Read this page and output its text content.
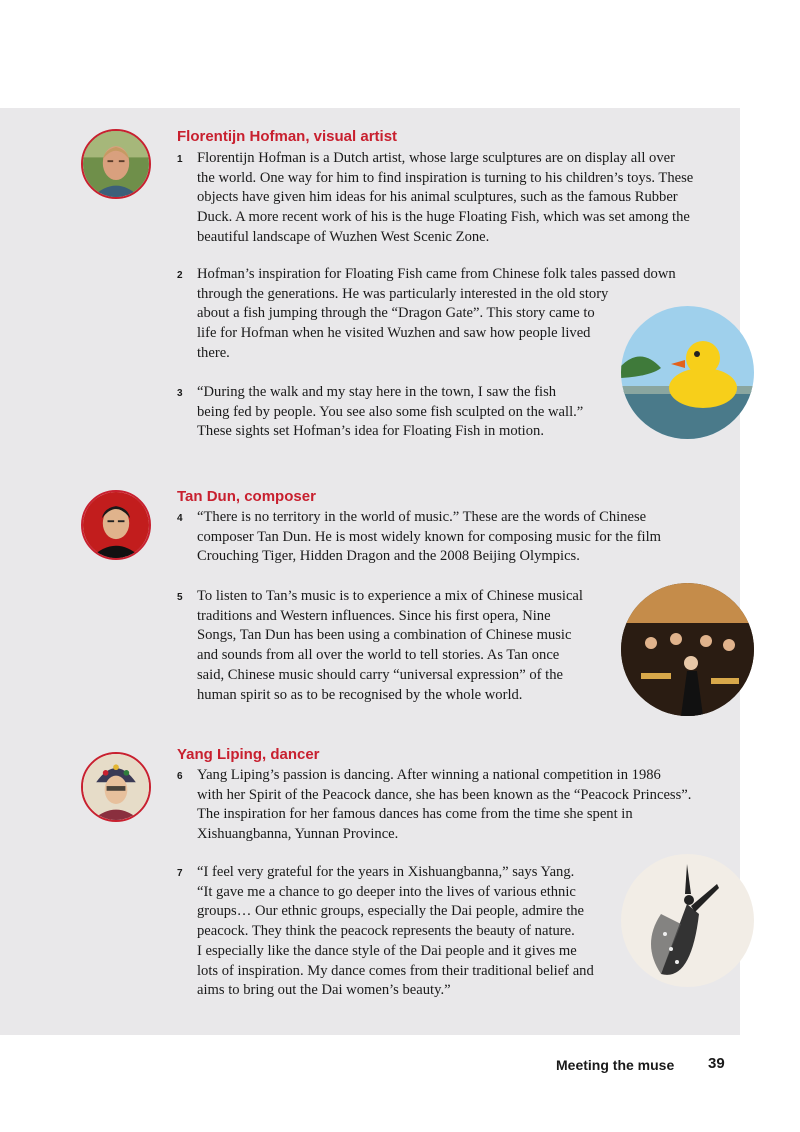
Florentijn Hofman, visual artist
1 Florentijn Hofman is a Dutch artist, whose large sculptures are on display all over
the world. One way for him to find inspiration is turning to his children’s toys. These
objects have given him ideas for his animal sculptures, such as the famous Rubber
Duck. A more recent work of his is the huge Floating Fish, which was set among the
beautiful landscape of Wuzhen West Scenic Zone.
2 Hofman’s inspiration for Floating Fish came from Chinese folk tales passed down
through the generations. He was particularly interested in the old story
about a fish jumping through the “Dragon Gate”. This story came to
life for Hofman when he visited Wuzhen and saw how people lived
there.
3 “During the walk and my stay here in the town, I saw the fish
being fed by people. You see also some fish sculpted on the wall.”
These sights set Hofman’s idea for Floating Fish in motion.
Tan Dun, composer
4 “There is no territory in the world of music.” These are the words of Chinese
composer Tan Dun. He is most widely known for composing music for the film
Crouching Tiger, Hidden Dragon and the 2008 Beijing Olympics.
5 To listen to Tan’s music is to experience a mix of Chinese musical
traditions and Western influences. Since his first opera, Nine
Songs, Tan Dun has been using a combination of Chinese music
and sounds from all over the world to tell stories. As Tan once
said, Chinese music should carry “universal expression” of the
human spirit so as to be recognised by the whole world.
Yang Liping, dancer
6 Yang Liping’s passion is dancing. After winning a national competition in 1986
with her Spirit of the Peacock dance, she has been known as the “Peacock Princess”.
The inspiration for her famous dances has come from the time she spent in
Xishuangbanna, Yunnan Province.
7 “I feel very grateful for the years in Xishuangbanna,” says Yang.
“It gave me a chance to go deeper into the lives of various ethnic
groups… Our ethnic groups, especially the Dai people, admire the
peacock. They think the peacock represents the beauty of nature.
I especially like the dance style of the Dai people and it gives me
lots of inspiration. My dance comes from their traditional belief and
aims to bring out the Dai women’s beauty.”
Meeting the muse 39
